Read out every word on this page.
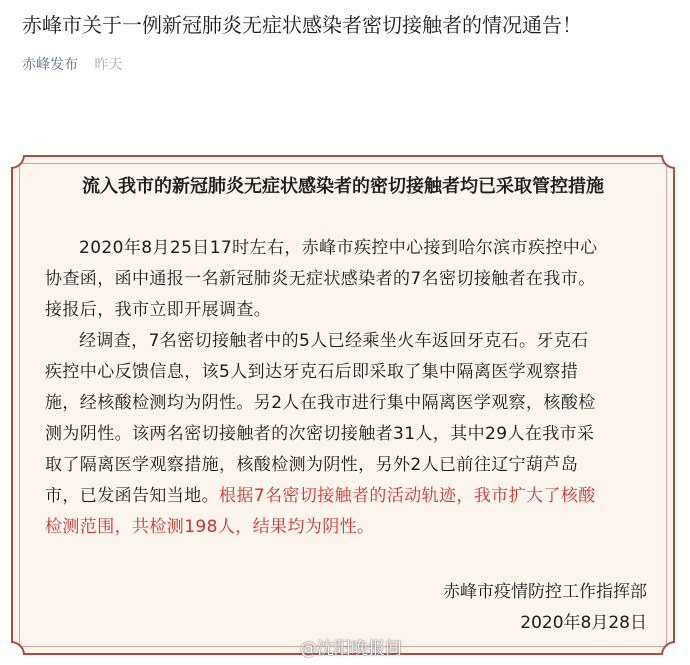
赤峰市关于一例新冠肺炎无症状感染者密切接触者的情况通告！
赤峰发布 昨天
流入我市的新冠肺炎无症状感染者的密切接触者均已采取管控措施
2020年8月25日17时左右，赤峰市疾控中心接到哈尔滨市疾控中心
协查函，函中通报一名新冠肺炎无症状感染者的7名密切接触者在我市。
接报后，我市立即开展调查。
经调查，7名密切接触者中的5人已经乘坐火车返回牙克石。牙克石
疾控中心反馈信息，该5人到达牙克石后即采取了集中隔离医学观察措
施，经核酸检测均为阴性。另2人在我市进行集中隔离医学观察，核酸检
测为阴性。该两名密切接触者的次密切接触者31人，其中29人在我市采
取了隔离医学观察措施，核酸检测为阴性，另外2人已前往辽宁葫芦岛
市，已发函告知当地。根据7名密切接触者的活动轨迹，我市扩大了核酸
检测范围，共检测198人，结果均为阴性。
赤峰市疫情防控工作指挥部
2020年8月28日
@沈阳晚报间
